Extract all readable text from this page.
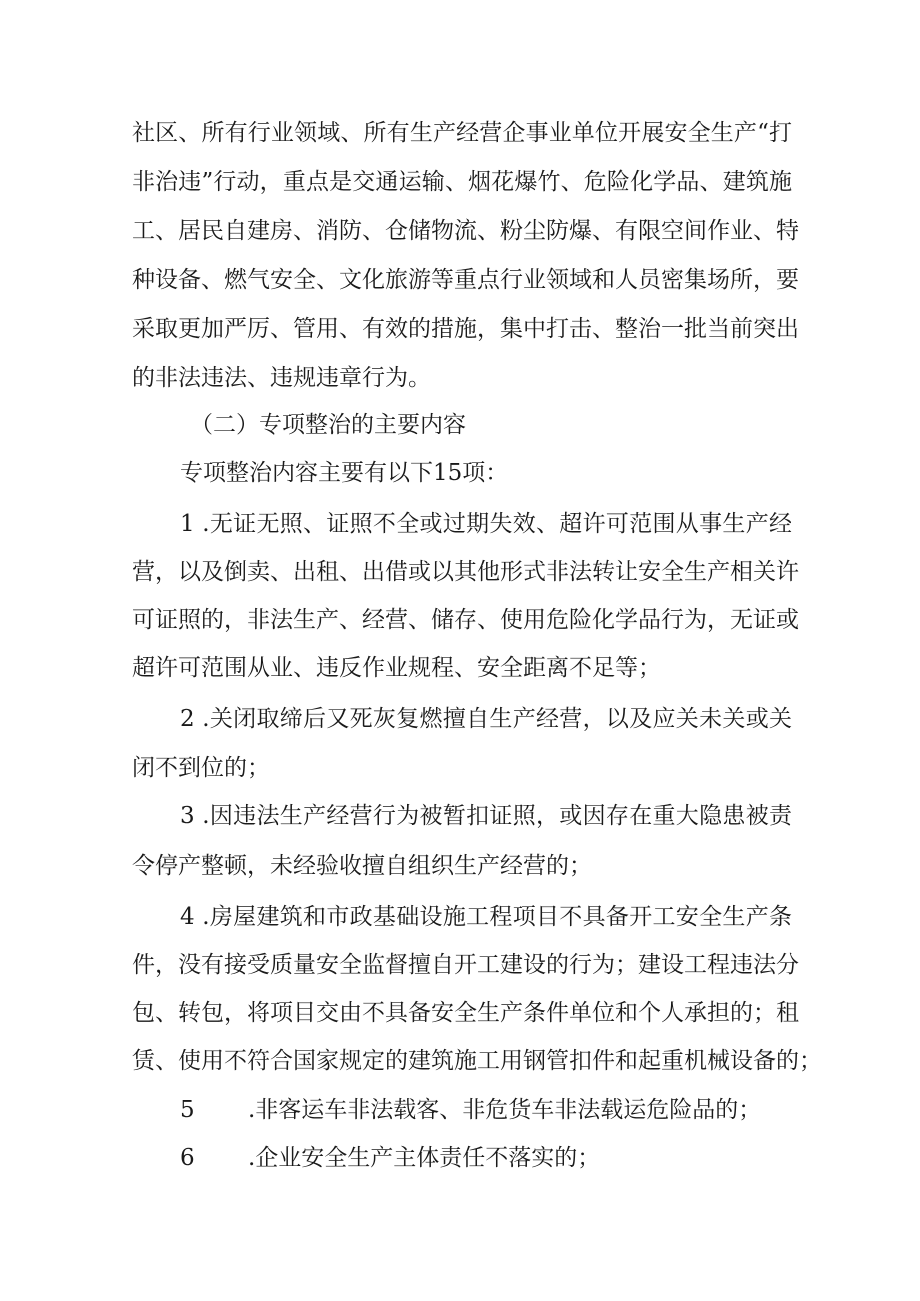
社区、所有行业领域、所有生产经营企事业单位开展安全生产“打
非治违”行动，重点是交通运输、烟花爆竹、危险化学品、建筑施
工、居民自建房、消防、仓储物流、粉尘防爆、有限空间作业、特
种设备、燃气安全、文化旅游等重点行业领域和人员密集场所，要
采取更加严厉、管用、有效的措施，集中打击、整治一批当前突出
的非法违法、违规违章行为。
（二）专项整治的主要内容
专项整治内容主要有以下15项：
1 .无证无照、证照不全或过期失效、超许可范围从事生产经
营，以及倒卖、出租、出借或以其他形式非法转让安全生产相关许
可证照的，非法生产、经营、储存、使用危险化学品行为，无证或
超许可范围从业、违反作业规程、安全距离不足等；
2 .关闭取缔后又死灰复燃擅自生产经营，以及应关未关或关
闭不到位的；
3 .因违法生产经营行为被暂扣证照，或因存在重大隐患被责
令停产整顿，未经验收擅自组织生产经营的；
4 .房屋建筑和市政基础设施工程项目不具备开工安全生产条
件，没有接受质量安全监督擅自开工建设的行为；建设工程违法分
包、转包，将项目交由不具备安全生产条件单位和个人承担的；租
赁、使用不符合国家规定的建筑施工用钢管扣件和起重机械设备的；
5 .非客运车非法载客、非危货车非法载运危险品的；
6 .企业安全生产主体责任不落实的；
